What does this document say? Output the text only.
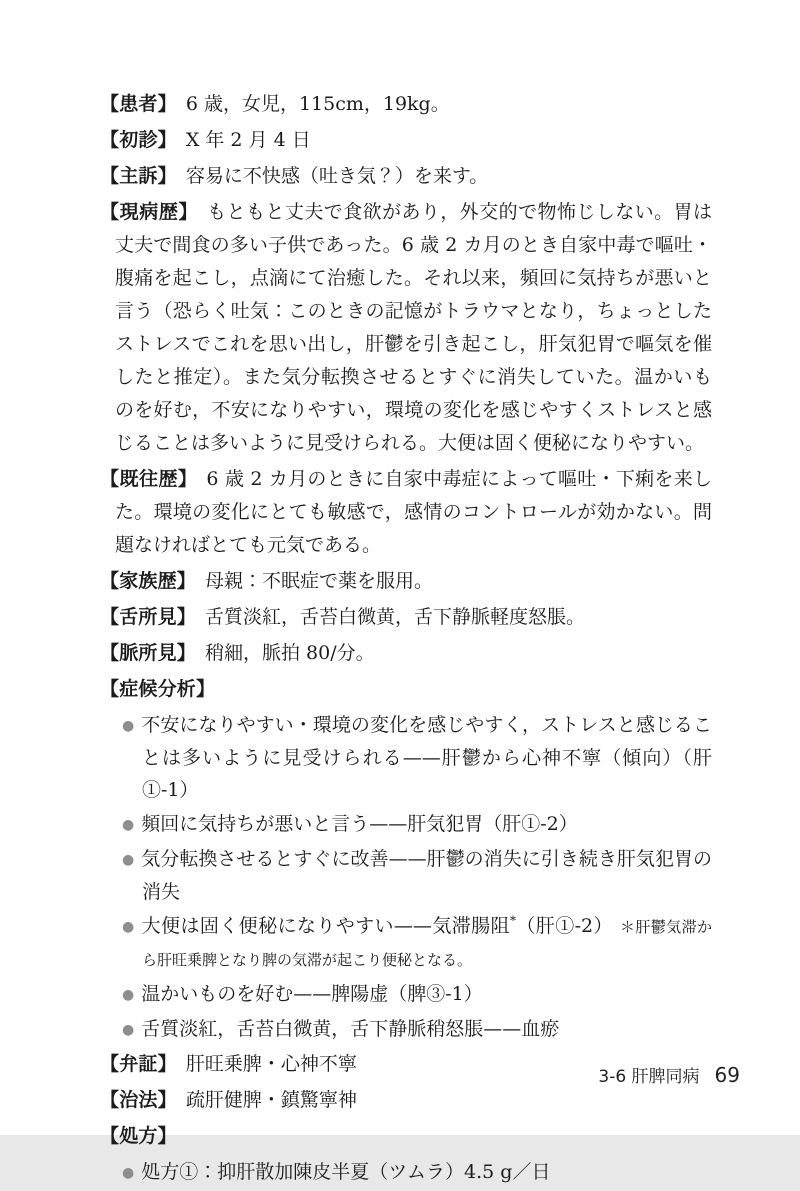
【患者】 6 歳，女児，115cm，19kg。
【初診】 X 年 2 月 4 日
【主訴】 容易に不快感（吐き気？）を来す。
【現病歴】 もともと丈夫で食欲があり，外交的で物怖じしない。胃は丈夫で間食の多い子供であった。6 歳 2 カ月のとき自家中毒で嘔吐・腹痛を起こし，点滴にて治癒した。それ以来，頻回に気持ちが悪いと言う（恐らく吐気：このときの記憶がトラウマとなり，ちょっとしたストレスでこれを思い出し，肝鬱を引き起こし，肝気犯胃で嘔気を催したと推定）。また気分転換させるとすぐに消失していた。温かいものを好む，不安になりやすい，環境の変化を感じやすくストレスと感じることは多いように見受けられる。大便は固く便秘になりやすい。
【既往歴】 6 歳 2 カ月のときに自家中毒症によって嘔吐・下痢を来した。環境の変化にとても敏感で，感情のコントロールが効かない。問題なければとても元気である。
【家族歴】 母親：不眠症で薬を服用。
【舌所見】 舌質淡紅，舌苔白微黄，舌下静脈軽度怒脹。
【脈所見】 稍細，脈拍 80/分。
【症候分析】
● 不安になりやすい・環境の変化を感じやすく，ストレスと感じることは多いように見受けられる——肝鬱から心神不寧（傾向）（肝①-1）
● 頻回に気持ちが悪いと言う——肝気犯胃（肝①-2）
● 気分転換させるとすぐに改善——肝鬱の消失に引き続き肝気犯胃の消失
● 大便は固く便秘になりやすい——気滞腸阻*（肝①-2） ＊肝鬱気滞から肝旺乗脾となり脾の気滞が起こり便秘となる。
● 温かいものを好む——脾陽虚（脾③-1）
● 舌質淡紅，舌苔白微黄，舌下静脈稍怒脹——血瘀
【弁証】 肝旺乗脾・心神不寧
【治法】 疏肝健脾・鎮驚寧神
【処方】
● 処方①：抑肝散加陳皮半夏（ツムラ）4.5 g／日
3-6 肝脾同病 69
